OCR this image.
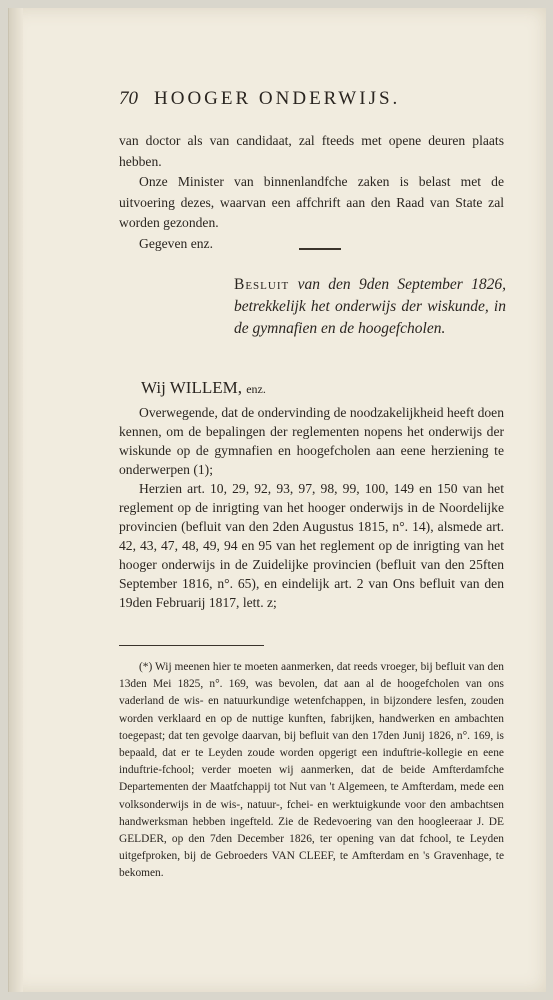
70 HOOGER ONDERWIJS.

van doctor als van candidaat, zal fteeds met opene deuren plaats hebben.

Onze Minister van binnenlandfche zaken is belast met de uitvoering dezes, waarvan een affchrift aan den Raad van State zal worden gezonden.

Gegeven enz.

Besluit van den 9den September 1826, betrekkelijk het onderwijs der wiskunde, in de gymnafien en de hoogefcholen.
Wij WILLEM, enz.

Overwegende, dat de ondervinding de noodzakelijkheid heeft doen kennen, om de bepalingen der reglementen nopens het onderwijs der wiskunde op de gymnafien en hoogefcholen aan eene herziening te onderwerpen (1);

Herzien art. 10, 29, 92, 93, 97, 98, 99, 100, 149 en 150 van het reglement op de inrigting van het hooger onderwijs in de Noordelijke provincien (befluit van den 2den Augustus 1815, n°. 14), alsmede art. 42, 43, 47, 48, 49, 94 en 95 van het reglement op de inrigting van het hooger onderwijs in de Zuidelijke provincien (befluit van den 25ften September 1816, n°. 65), en eindelijk art. 2 van Ons befluit van den 19den Februarij 1817, lett. z;

(*) Wij meenen hier te moeten aanmerken, dat reeds vroeger, bij befluit van den 13den Mei 1825, n°. 169, was bevolen, dat aan al de hoogefcholen van ons vaderland de wis- en natuurkundige wetenfchappen, in bijzondere lesfen, zouden worden verklaard en op de nuttige kunften, fabrijken, handwerken en ambachten toegepast; dat ten gevolge daarvan, bij befluit van den 17den Junij 1826, n°. 169, is bepaald, dat er te Leyden zoude worden opgerigt een induftrie-kollegie en eene induftrie-fchool; verder moeten wij aanmerken, dat de beide Amfterdamfche Departementen der Maatfchappij tot Nut van 't Algemeen, te Amfterdam, mede een volksonderwijs in de wis-, natuur-, fchei- en werktuigkunde voor den ambachtsen handwerksman hebben ingefteld. Zie de Redevoering van den hoogleeraar J. DE GELDER, op den 7den December 1826, ter opening van dat fchool, te Leyden uitgefproken, bij de Gebroeders VAN CLEEF, te Amfterdam en 's Gravenhage, te bekomen.
